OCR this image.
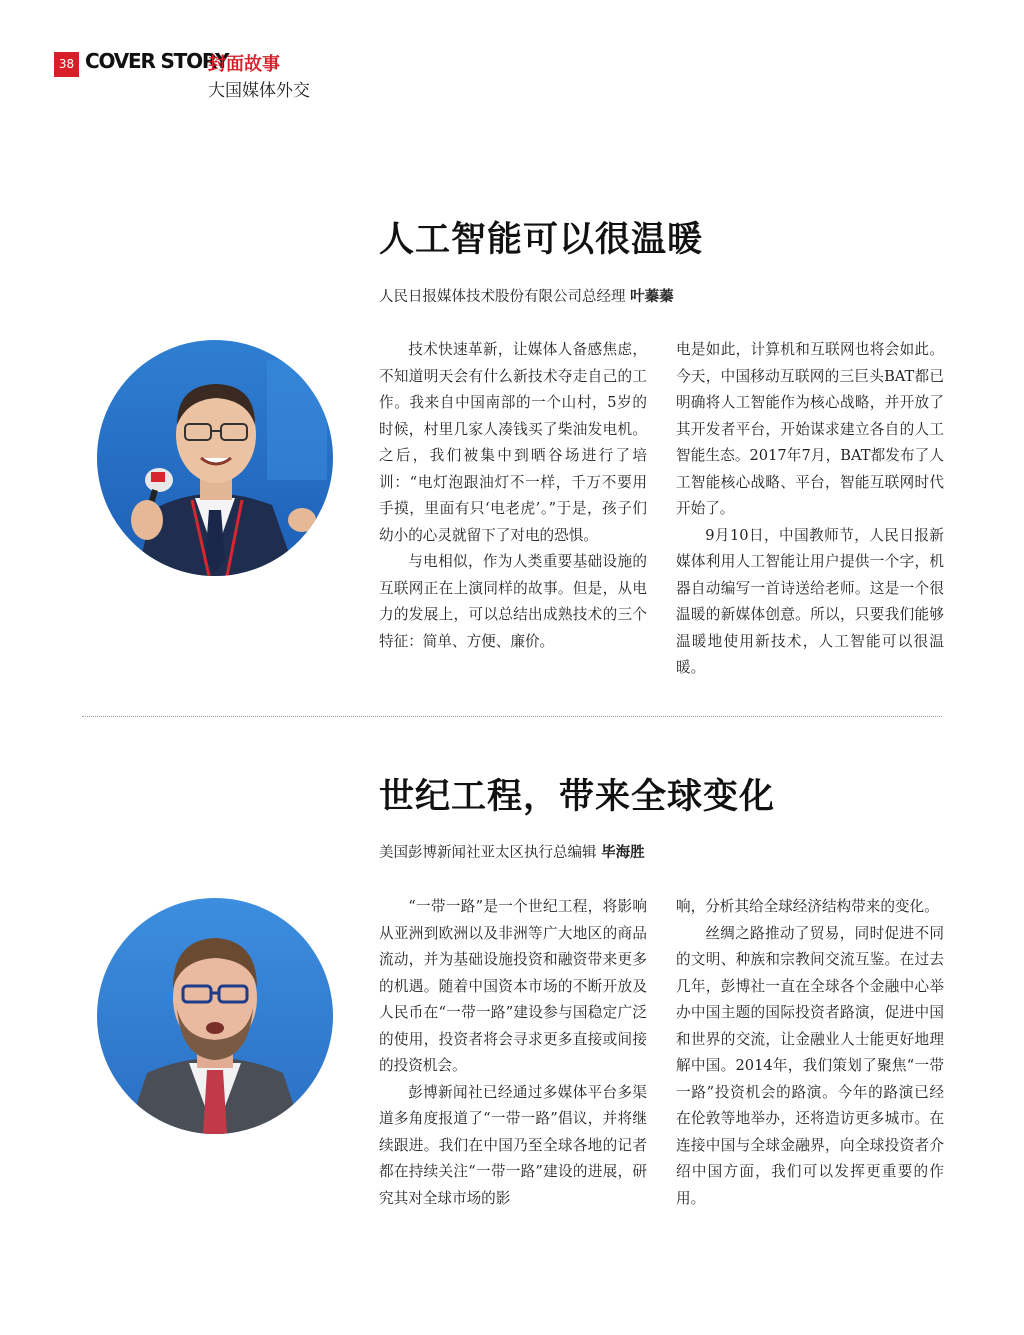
38 COVER STORY
封面故事
大国媒体外交
人工智能可以很温暖
人民日报媒体技术股份有限公司总经理 叶蓁蓁

技术快速革新，让媒体人备感焦虑，不知道明天会有什么新技术夺走自己的工作。我来自中国南部的一个山村，5岁的时候，村里几家人凑钱买了柴油发电机。之后，我们被集中到晒谷场进行了培训：“电灯泡跟油灯不一样，千万不要用手摸，里面有只‘电老虎’。”于是，孩子们幼小的心灵就留下了对电的恐惧。

与电相似，作为人类重要基础设施的互联网正在上演同样的故事。但是，从电力的发展上，可以总结出成熟技术的三个特征：简单、方便、廉价。

电是如此，计算机和互联网也将会如此。今天，中国移动互联网的三巨头BAT都已明确将人工智能作为核心战略，并开放了其开发者平台，开始谋求建立各自的人工智能生态。2017年7月，BAT都发布了人工智能核心战略、平台，智能互联网时代开始了。

9月10日，中国教师节，人民日报新媒体利用人工智能让用户提供一个字，机器自动编写一首诗送给老师。这是一个很温暖的新媒体创意。所以，只要我们能够温暖地使用新技术，人工智能可以很温暖。

世纪工程，带来全球变化
美国彭博新闻社亚太区执行总编辑 毕海胜

“一带一路”是一个世纪工程，将影响从亚洲到欧洲以及非洲等广大地区的商品流动，并为基础设施投资和融资带来更多的机遇。随着中国资本市场的不断开放及人民币在“一带一路”建设参与国稳定广泛的使用，投资者将会寻求更多直接或间接的投资机会。

彭博新闻社已经通过多媒体平台多渠道多角度报道了“一带一路”倡议，并将继续跟进。我们在中国乃至全球各地的记者都在持续关注“一带一路”建设的进展，研究其对全球市场的影

响，分析其给全球经济结构带来的变化。

丝绸之路推动了贸易，同时促进不同的文明、种族和宗教间交流互鉴。在过去几年，彭博社一直在全球各个金融中心举办中国主题的国际投资者路演，促进中国和世界的交流，让金融业人士能更好地理解中国。2014年，我们策划了聚焦“一带一路”投资机会的路演。今年的路演已经在伦敦等地举办，还将造访更多城市。在连接中国与全球金融界，向全球投资者介绍中国方面，我们可以发挥更重要的作用。
